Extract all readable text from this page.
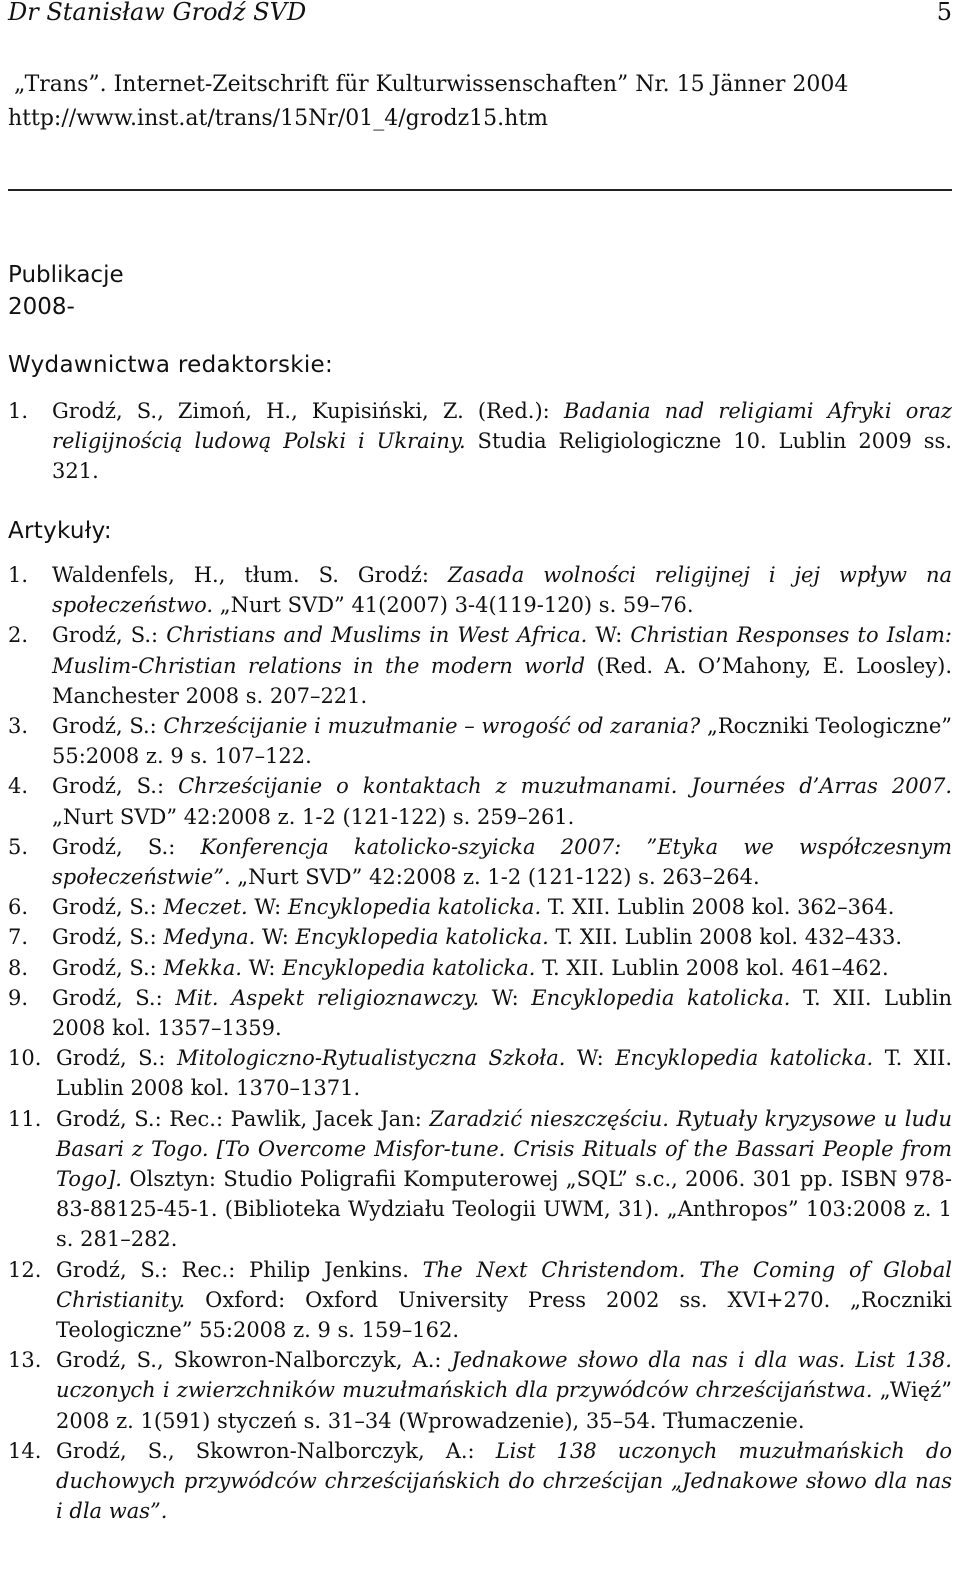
Dr Stanisław Grodź SVD	5
„Trans”. Internet-Zeitschrift für Kulturwissenschaften” Nr. 15 Jänner 2004
http://www.inst.at/trans/15Nr/01_4/grodz15.htm
Publikacje
2008-
Wydawnictwa redaktorskie:
1. Grodź, S., Zimoń, H., Kupisiński, Z. (Red.): Badania nad religiami Afryki oraz religijnością ludową Polski i Ukrainy. Studia Religiologiczne 10. Lublin 2009 ss. 321.
Artykuły:
1. Waldenfels, H., tłum. S. Grodź: Zasada wolności religijnej i jej wpływ na społeczeństwo. „Nurt SVD” 41(2007) 3-4(119-120) s. 59–76.
2. Grodź, S.: Christians and Muslims in West Africa. W: Christian Responses to Islam: Muslim-Christian relations in the modern world (Red. A. O’Mahony, E. Loosley). Manchester 2008 s. 207–221.
3. Grodź, S.: Chrześcijanie i muzułmanie – wrogość od zarania? „Roczniki Teologiczne” 55:2008 z. 9 s. 107–122.
4. Grodź, S.: Chrześcijanie o kontaktach z muzułmanami. Journées d’Arras 2007. „Nurt SVD” 42:2008 z. 1-2 (121-122) s. 259–261.
5. Grodź, S.: Konferencja katolicko-szyicka 2007: ”Etyka we współczesnym społeczeństwie”. „Nurt SVD” 42:2008 z. 1-2 (121-122) s. 263–264.
6. Grodź, S.: Meczet. W: Encyklopedia katolicka. T. XII. Lublin 2008 kol. 362–364.
7. Grodź, S.: Medyna. W: Encyklopedia katolicka. T. XII. Lublin 2008 kol. 432–433.
8. Grodź, S.: Mekka. W: Encyklopedia katolicka. T. XII. Lublin 2008 kol. 461–462.
9. Grodź, S.: Mit. Aspekt religioznawczy. W: Encyklopedia katolicka. T. XII. Lublin 2008 kol. 1357–1359.
10. Grodź, S.: Mitologiczno-Rytualistyczna Szkoła. W: Encyklopedia katolicka. T. XII. Lublin 2008 kol. 1370–1371.
11. Grodź, S.: Rec.: Pawlik, Jacek Jan: Zaradzić nieszczęściu. Rytuały kryzysowe u ludu Basari z Togo. [To Overcome Misfor-tune. Crisis Rituals of the Bassari People from Togo]. Olsztyn: Studio Poligrafii Komputerowej „SQL” s.c., 2006. 301 pp. ISBN 978-83-88125-45-1. (Biblioteka Wydziału Teologii UWM, 31). „Anthropos” 103:2008 z. 1 s. 281–282.
12. Grodź, S.: Rec.: Philip Jenkins. The Next Christendom. The Coming of Global Christianity. Oxford: Oxford University Press 2002 ss. XVI+270. „Roczniki Teologiczne” 55:2008 z. 9 s. 159–162.
13. Grodź, S., Skowron-Nalborczyk, A.: Jednakowe słowo dla nas i dla was. List 138. uczonych i zwierzchników muzułmańskich dla przywódców chrześcijaństwa. „Więź” 2008 z. 1(591) styczeń s. 31–34 (Wprowadzenie), 35–54. Tłumaczenie.
14. Grodź, S., Skowron-Nalborczyk, A.: List 138 uczonych muzułmańskich do duchowych przywódców chrześcijańskich do chrześcijan „Jednakowe słowo dla nas i dla was”.
